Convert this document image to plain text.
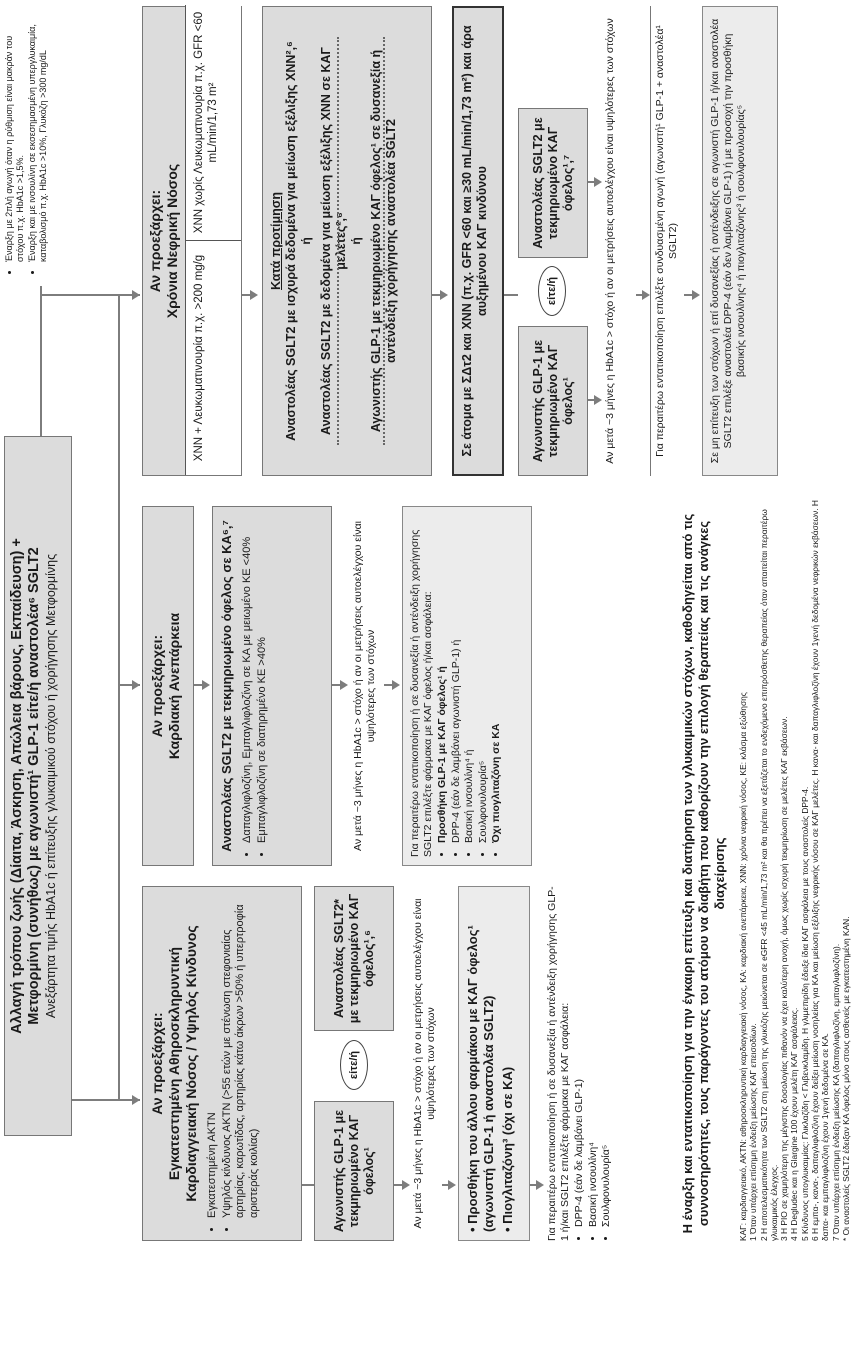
Αλλαγή τρόπου ζωής (Δίαιτα, Άσκηση, Απώλεια βάρους, Εκπαίδευση) + Μετφορμίνη (συνήθως) με αγωνιστή¹ GLP-1 είτε/ή αναστολέα⁶ SGLT2 Ανεξάρτητα τιμής HbA1c ή επίτευξης γλυκαιμικού στόχου ή χορήγησης Μετφορμίνης
• Έναρξη με 2πλή αγωγή όταν η ρύθμιση είναι μακράν του στόχου π.χ. HbA1c >1,5%. • Έναρξη και με ινσουλίνη σε εκσεσημασμένη υπεργλυκαιμία, καταβολισμό π.χ. HbA1c >10%, Γλυκόζη >300 mg/dL
Αν προεξάρχει: Εγκατεστημένη Αθηροσκληρυντική Καρδιαγγειακή Νόσος / Υψηλός Κίνδυνος • Εγκατεστημένη ΑΚΤΝ • Υψηλός κίνδυνος ΑΚΤΝ (>55 ετών με στένωση στεφανιαίας αρτηρίας, καρωτίδας, αρτηρίας κάτω άκρων >50% ή υπερτροφία αριστεράς κοιλίας)	Αγωνιστής GLP-1 με τεκμηριωμένο ΚΑΓ όφελος¹
είτε/ή
Αναστολέας SGLT2* με τεκμηριωμένο ΚΑΓ όφελος¹,⁶	Αν μετά ~3 μήνες η HbA1c > στόχο ή αν οι μετρήσεις αυτοελέγχου είναι υψηλότερες των στόχων • Προσθήκη του άλλου φαρμάκου με ΚΑΓ όφελος¹ (αγωνιστή GLP-1 ή αναστολέα SGLT2) • Πιογλιταζόνη³ (όχι σε ΚΑ)	Για περαιτέρω εντατικοποίηση ή σε δυσανεξία ή αντένδειξη χορήγησης GLP-1 ή/και SGLT2 επιλέξτε φάρμακα με ΚΑΓ ασφάλεια: • DPP-4 (εάν δε λαμβάνει GLP-1) • Βασική ινσουλίνη⁴ • Σουλφονυλουρία⁵
Αν προεξάρχει: Καρδιακή Ανεπάρκεια	Αναστολέας SGLT2 με τεκμηριωμένο όφελος σε ΚΑ⁶,⁷ • Δαπαγλιφλοζίνη, Εμπαγλιφλοζίνη σε ΚΑ με μειωμένο ΚΕ <40% • Εμπαγλιφλοζίνη σε διατηρημένο ΚΕ >40%	Αν μετά ~3 μήνες η HbA1c > στόχο ή αν οι μετρήσεις αυτοελέγχου είναι υψηλότερες των στόχων	Για περαιτέρω εντατικοποίηση ή σε δυσανεξία ή αντένδειξη χορήγησης SGLT2 επιλέξτε φάρμακα με ΚΑΓ όφελος ή/και ασφάλεια: • Προσθήκη GLP-1 με ΚΑΓ όφελος¹ ή • DPP-4 (εάν δε λαμβάνει αγωνιστή GLP-1) ή • Βασική ινσουλίνη⁴ ή • Σουλφονυλουρία⁵ • Όχι πιογλιταζόνη σε ΚΑ
Αν προεξάρχει: Χρόνια Νεφρική Νόσος
ΧΝΝ + Λευκωματινουρία π.χ. >200 mg/g
ΧΝΝ χωρίς Λευκωματινουρία π.χ. GFR <60 mL/min/1,73 m²
Κατά προτίμηση Αναστολέας SGLT2 με ισχυρά δεδομένα για μείωση εξέλιξης ΧΝΝ²,⁶ ή Αναστολέας SGLT2 με δεδομένα για μείωση εξέλιξης ΧΝΝ σε ΚΑΓ μελέτες²,⁶ ή Αγωνιστής GLP-1 με τεκμηριωμένο ΚΑΓ όφελος¹ σε δυσανεξία ή αντένδειξη χορήγησης αναστολέα SGLT2	Σε άτομα με ΣΔτ2 και ΧΝΝ (π.χ. GFR <60 και ≥30 mL/min/1,73 m²) και άρα αυξημένου ΚΑΓ κινδύνου
Αγωνιστής GLP-1 με τεκμηριωμένο ΚΑΓ όφελος¹
είτε/ή
Αναστολέας SGLT2 με τεκμηριωμένο ΚΑΓ όφελος¹,⁷	Αν μετά ~3 μήνες η HbA1c > στόχο ή αν οι μετρήσεις αυτοελέγχου είναι υψηλότερες των στόχων	Για περαιτέρω εντατικοποίηση επιλέξτε συνδυασμένη αγωγή (αγωνιστή¹ GLP-1 + αναστολέα¹ SGLT2)	Σε μη επίτευξη των στόχων ή επί δυσανεξίας ή αντένδειξης σε αγωνιστή GLP-1 ή/και αναστολέα SGLT2 επιλέξε αναστολέα DPP-4 (εάν δεν λαμβάνει GLP-1) ή με προσοχή την προσθήκη βασικής ινσουλίνης⁴ ή πιογλιταζόνης³ ή σουλφονυλουρίας⁵
Η έναρξη και εντατικοποίηση για την έγκαιρη επίτευξη και διατήρηση των γλυκαιμικών στόχων, καθοδηγείται από τις συννοσηρότητες, τους παράγοντες του ατόμου να διαβήτη που καθορίζουν την επιλογή θεραπείας και τις ανάγκες διαχείρισης ΚΑΓ: καρδιαγγειακό, ΑΚΤΝ: αθηροσκληρυντική καρδιαγγειακή νόσος, ΚΑ: καρδιακή ανεπάρκεια, ΧΝΝ: χρόνια νεφρική νόσος, ΚΕ: κλάσμα εξώθησης 1 Όταν υπάρχει επίσημη ένδειξη μείωσης ΚΑΓ επεισοδίων. 2 Η αποτελεσματικότητα των SGLT2 στη μείωση της γλυκόζης μειώνεται σε eGFR <45 mL/min/1,73 m² και θα πρέπει να εξετάζεται το ενδεχόμενο επιπρόσθετης θεραπείας όταν απαιτείται περαιτέρω γλυκαιμικός έλεγχος. 3 Η PIO σε χαμηλότερη της μέγιστης δοσολογίας πιθανόν να έχει καλύτερη ανοχή, όμως χωρίς ισχυρή τεκμηρίωση σε μελέτες ΚΑΓ εκβάσεων. 4 Η Degludec και η Glargine 100 έχουν μελέτη ΚΑΓ ασφάλειας. 5 Κίνδυνος υπογλυκαιμίας: Γλικλαζίδη < Γλιβενκλαμίδη. Η γλιμεπιρίδη έδειξε ίδια ΚΑΓ ασφάλεια με τους αναστολείς DPP-4. 6 Η εμπα-, κανα-, δαπαγλιφλοζίνη έχουν δείξει μείωση νοσηλείας για ΚΑ και μείωση εξέλιξης νεφρικής νόσου σε ΚΑΓ μελέτες. Η κανα- και δαπαγλιφλοζίνη έχουν 1γενή δεδομένα νεφρικών εκβάσεων. Η δαπα- και εμπαγλιφλοζίνη έχουν 1γενή δεδομένα σε ΚΑ. 7 Όταν υπάρχει επίσημη ένδειξη μείωσης ΚΑ (δαπαγλιφλοζίνη, εμπαγλιφλοζίνη). * Οι αναστολείς SGLT2 έδειξαν ΚΑ όφελος μόνο στους ασθενείς με εγκατεστημένη ΚΑΝ.
